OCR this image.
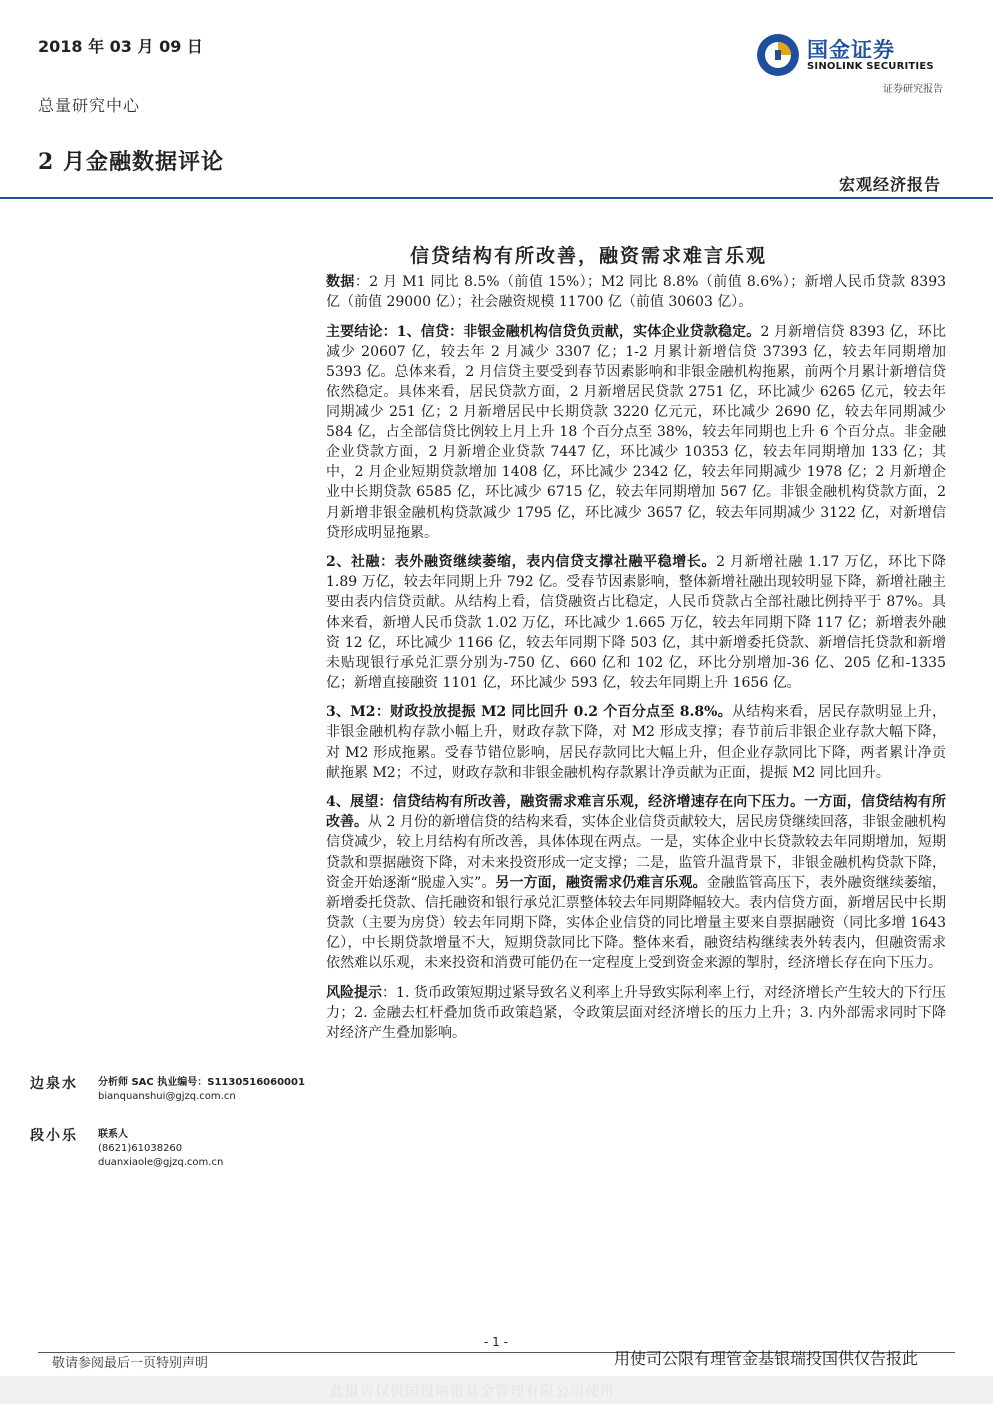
2018 年 03 月 09 日
总量研究中心
2 月金融数据评论
国金证券
SINOLINK SECURITIES
证券研究报告
宏观经济报告
信贷结构有所改善，融资需求难言乐观

数据：2 月 M1 同比 8.5%（前值 15%）；M2 同比 8.8%（前值 8.6%）；新增人民币贷款 8393 亿（前值 29000 亿）；社会融资规模 11700 亿（前值 30603 亿）。

主要结论：1、信贷：非银金融机构信贷负贡献，实体企业贷款稳定。2 月新增信贷 8393 亿，环比减少 20607 亿，较去年 2 月减少 3307 亿；1-2 月累计新增信贷 37393 亿，较去年同期增加 5393 亿。总体来看，2 月信贷主要受到春节因素影响和非银金融机构拖累，前两个月累计新增信贷依然稳定。具体来看，居民贷款方面，2 月新增居民贷款 2751 亿，环比减少 6265 亿元，较去年同期减少 251 亿；2 月新增居民中长期贷款 3220 亿元元，环比减少 2690 亿，较去年同期减少 584 亿，占全部信贷比例较上月上升 18 个百分点至 38%，较去年同期也上升 6 个百分点。非金融企业贷款方面，2 月新增企业贷款 7447 亿，环比减少 10353 亿，较去年同期增加 133 亿；其中，2 月企业短期贷款增加 1408 亿，环比减少 2342 亿，较去年同期减少 1978 亿；2 月新增企业中长期贷款 6585 亿，环比减少 6715 亿，较去年同期增加 567 亿。非银金融机构贷款方面，2 月新增非银金融机构贷款减少 1795 亿，环比减少 3657 亿，较去年同期减少 3122 亿，对新增信贷形成明显拖累。

2、社融：表外融资继续萎缩，表内信贷支撑社融平稳增长。2 月新增社融 1.17 万亿，环比下降 1.89 万亿，较去年同期上升 792 亿。受春节因素影响，整体新增社融出现较明显下降，新增社融主要由表内信贷贡献。从结构上看，信贷融资占比稳定，人民币贷款占全部社融比例持平于 87%。具体来看，新增人民币贷款 1.02 万亿，环比减少 1.665 万亿，较去年同期下降 117 亿；新增表外融资 12 亿，环比减少 1166 亿，较去年同期下降 503 亿，其中新增委托贷款、新增信托贷款和新增未贴现银行承兑汇票分别为-750 亿、660 亿和 102 亿，环比分别增加-36 亿、205 亿和-1335 亿；新增直接融资 1101 亿，环比减少 593 亿，较去年同期上升 1656 亿。

3、M2：财政投放提振 M2 同比回升 0.2 个百分点至 8.8%。从结构来看，居民存款明显上升，非银金融机构存款小幅上升，财政存款下降，对 M2 形成支撑；春节前后非银企业存款大幅下降，对 M2 形成拖累。受春节错位影响，居民存款同比大幅上升，但企业存款同比下降，两者累计净贡献拖累 M2；不过，财政存款和非银金融机构存款累计净贡献为正面，提振 M2 同比回升。

4、展望：信贷结构有所改善，融资需求难言乐观，经济增速存在向下压力。一方面，信贷结构有所改善。从 2 月份的新增信贷的结构来看，实体企业信贷贡献较大，居民房贷继续回落，非银金融机构信贷减少，较上月结构有所改善，具体体现在两点。一是，实体企业中长贷款较去年同期增加，短期贷款和票据融资下降，对未来投资形成一定支撑；二是，监管升温背景下，非银金融机构贷款下降，资金开始逐渐“脱虚入实”。另一方面，融资需求仍难言乐观。金融监管高压下，表外融资继续萎缩，新增委托贷款、信托融资和银行承兑汇票整体较去年同期降幅较大。表内信贷方面，新增居民中长期贷款（主要为房贷）较去年同期下降，实体企业信贷的同比增量主要来自票据融资（同比多增 1643 亿），中长期贷款增量不大，短期贷款同比下降。整体来看，融资结构继续表外转表内，但融资需求依然难以乐观，未来投资和消费可能仍在一定程度上受到资金来源的掣肘，经济增长存在向下压力。

风险提示：1. 货币政策短期过紧导致名义利率上升导致实际利率上行，对经济增长产生较大的下行压力；2. 金融去杠杆叠加货币政策趋紧，令政策层面对经济增长的压力上升；3. 内外部需求同时下降对经济产生叠加影响。

边泉水 分析师 SAC 执业编号：S1130516060001
bianquanshui@gjzq.com.cn
段小乐 联系人
(8621)61038260
duanxiaole@gjzq.com.cn
- 1 -
敬请参阅最后一页特别声明	用使司公限有理管金基银瑞投国供仅告报此
此报告仅供国投瑞银基金管理有限公司使用
